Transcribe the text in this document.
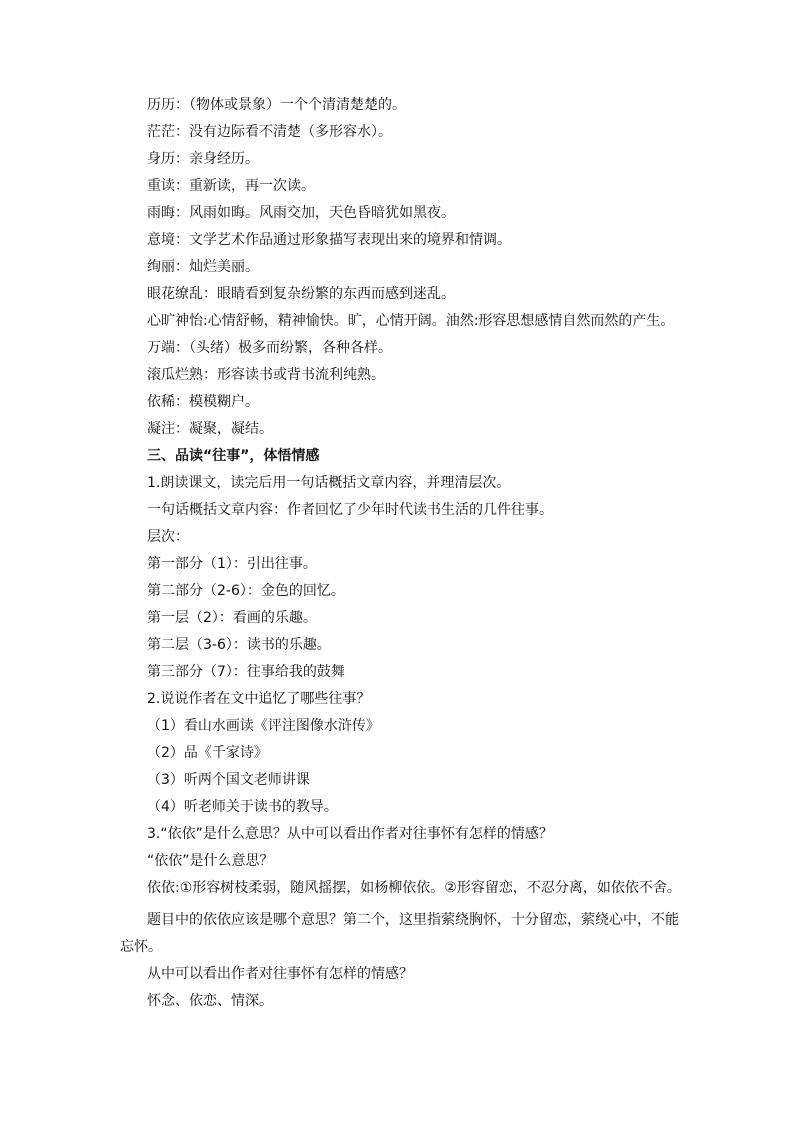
历历：（物体或景象）一个个清清楚楚的。
茫茫：没有边际看不清楚（多形容水）。
身历：亲身经历。
重读：重新读，再一次读。
雨晦：风雨如晦。风雨交加，天色昏暗犹如黑夜。
意境：文学艺术作品通过形象描写表现出来的境界和情调。
绚丽：灿烂美丽。
眼花缭乱：眼睛看到复杂纷繁的东西而感到迷乱。
心旷神怡:心情舒畅，精神愉快。旷，心情开阔。油然:形容思想感情自然而然的产生。
万端：（头绪）极多而纷繁，各种各样。
滚瓜烂熟：形容读书或背书流利纯熟。
依稀：模模糊户。
凝注：凝聚，凝结。
三、品读“往事”，体悟情感
1.朗读课文，读完后用一句话概括文章内容，并理清层次。
一句话概括文章内容：作者回忆了少年时代读书生活的几件往事。
层次：
第一部分（1）：引出往事。
第二部分（2-6）：金色的回忆。
第一层（2）：看画的乐趣。
第二层（3-6）：读书的乐趣。
第三部分（7）：往事给我的鼓舞
2.说说作者在文中追忆了哪些往事？
（1）看山水画读《评注图像水浒传》
（2）品《千家诗》
（3）听两个国文老师讲课
（4）听老师关于读书的教导。
3.“依依”是什么意思？从中可以看出作者对往事怀有怎样的情感？
“依依”是什么意思？
依依:①形容树枝柔弱，随风摇摆，如杨柳依依。②形容留恋，不忍分离，如依依不舍。
题目中的依依应该是哪个意思？第二个，这里指萦绕胸怀，十分留恋，萦绕心中，不能忘怀。
从中可以看出作者对往事怀有怎样的情感？
怀念、依恋、情深。
